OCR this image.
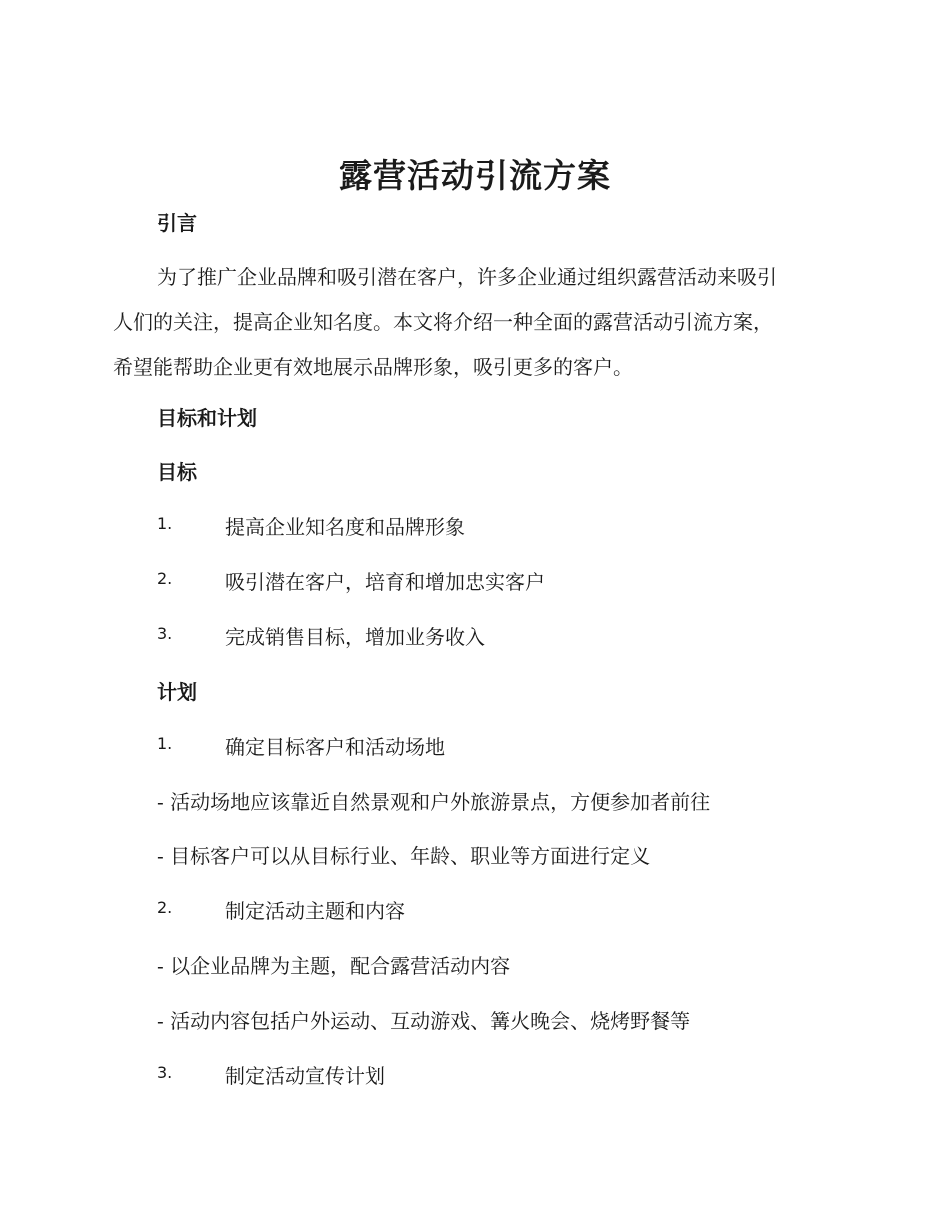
露营活动引流方案
引言
为了推广企业品牌和吸引潜在客户，许多企业通过组织露营活动来吸引
人们的关注，提高企业知名度。本文将介绍一种全面的露营活动引流方案，
希望能帮助企业更有效地展示品牌形象，吸引更多的客户。
目标和计划
目标
1.	提高企业知名度和品牌形象
2.	吸引潜在客户，培育和增加忠实客户
3.	完成销售目标，增加业务收入
计划
1.	确定目标客户和活动场地
- 活动场地应该靠近自然景观和户外旅游景点，方便参加者前往
- 目标客户可以从目标行业、年龄、职业等方面进行定义
2.	制定活动主题和内容
- 以企业品牌为主题，配合露营活动内容
- 活动内容包括户外运动、互动游戏、篝火晚会、烧烤野餐等
3.	制定活动宣传计划
